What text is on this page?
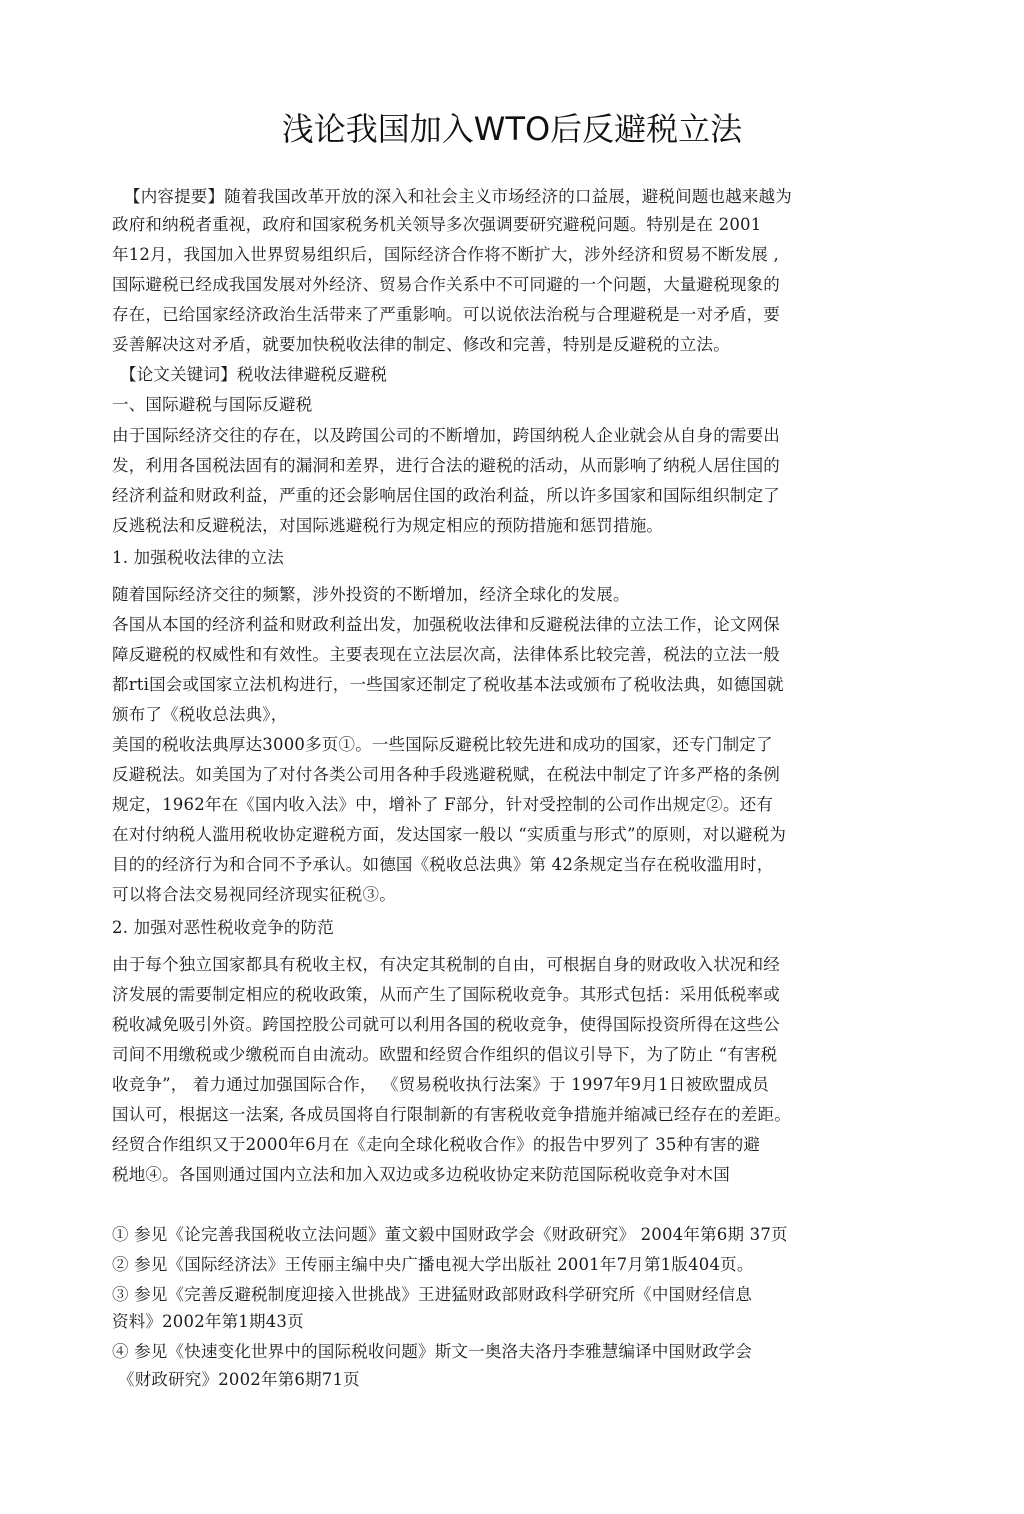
浅论我国加入WTO后反避税立法
【内容提要】随着我国改革开放的深入和社会主义市场经济的口益展，避税间题也越来越为
政府和纳税者重视，政府和国家税务机关领导多次强调要研究避税问题。特别是在 2001
年12月，我国加入世界贸易组织后，国际经济合作将不断扩大，涉外经济和贸易不断发展 ,
国际避税已经成我国发展对外经济、贸易合作关系中不可同避的一个问题，大量避税现象的
存在，已给国家经济政治生活带来了严重影响。可以说依法治税与合理避税是一对矛盾，要
妥善解决这对矛盾，就要加快税收法律的制定、修改和完善，特别是反避税的立法。
【论文关键词】税收法律避税反避税
一、国际避税与国际反避税
由于国际经济交往的存在，以及跨国公司的不断增加，跨国纳税人企业就会从自身的需要出
发，利用各国税法固有的漏洞和差界，进行合法的避税的活动，从而影响了纳税人居住国的
经济利益和财政利益，严重的还会影响居住国的政治利益，所以许多国家和国际组织制定了
反逃税法和反避税法，对国际逃避税行为规定相应的预防措施和惩罚措施。
1. 加强税收法律的立法
随着国际经济交往的频繁，涉外投资的不断增加，经济全球化的发展。
各国从本国的经济利益和财政利益出发，加强税收法律和反避税法律的立法工作，论文网保
障反避税的权威性和有效性。主要表现在立法层次高，法律体系比较完善，税法的立法一般
都rti国会或国家立法机构进行，一些国家还制定了税收基本法或颁布了税收法典，如德国就
颁布了《税收总法典》，
美国的税收法典厚达3000多页①。一些国际反避税比较先进和成功的国家，还专门制定了
反避税法。如美国为了对付各类公司用各种手段逃避税赋，在税法中制定了许多严格的条例
规定，1962年在《国内收入法》中，增补了 F部分，针对受控制的公司作出规定②。还有
在对付纳税人滥用税收协定避税方面，发达国家一般以 “实质重与形式”的原则，对以避税为
目的的经济行为和合同不予承认。如德国《税收总法典》第 42条规定当存在税收滥用时，
可以将合法交易视同经济现实征税③。
2. 加强对恶性税收竞争的防范
由于每个独立国家都具有税收主权，有决定其税制的自由，可根据自身的财政收入状况和经
济发展的需要制定相应的税收政策，从而产生了国际税收竞争。其形式包括：采用低税率或
税收减免吸引外资。跨国控股公司就可以利用各国的税收竞争，使得国际投资所得在这些公
司间不用缴税或少缴税而自由流动。欧盟和经贸合作组织的倡议引导下，为了防止 “有害税
收竞争”， 着力通过加强国际合作， 《贸易税收执行法案》于 1997年9月1日被欧盟成员
国认可，根据这一法案, 各成员国将自行限制新的有害税收竞争措施并缩减已经存在的差距。
经贸合作组织又于2000年6月在《走向全球化税收合作》的报告中罗列了 35种有害的避
税地④。各国则通过国内立法和加入双边或多边税收协定来防范国际税收竞争对木国
① 参见《论完善我国税收立法问题》董文毅中国财政学会《财政研究》 2004年第6期 37页
② 参见《国际经济法》王传丽主编中央广播电视大学出版社 2001年7月第1版404页。
③ 参见《完善反避税制度迎接入世挑战》王进猛财政部财政科学研究所《中国财经信息
资料》2002年第1期43页
④ 参见《快速变化世界中的国际税收问题》斯文一奥洛夫洛丹李雅慧编译中国财政学会
《财政研究》2002年第6期71页
